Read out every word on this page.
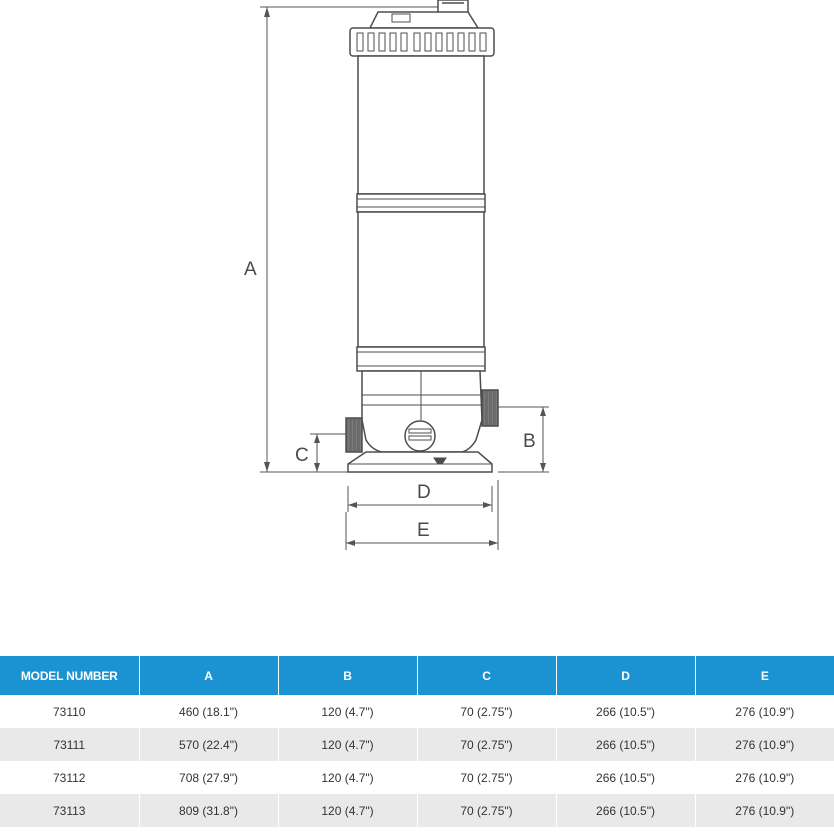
A
C
B
D
E
MODEL NUMBER	A	B	C	D	E
73110	460 (18.1")	120 (4.7")	70 (2.75")	266 (10.5")	276 (10.9")
73111	570 (22.4")	120 (4.7")	70 (2.75")	266 (10.5")	276 (10.9")
73112	708 (27.9")	120 (4.7")	70 (2.75")	266 (10.5")	276 (10.9")
73113	809 (31.8")	120 (4.7")	70 (2.75")	266 (10.5")	276 (10.9")
